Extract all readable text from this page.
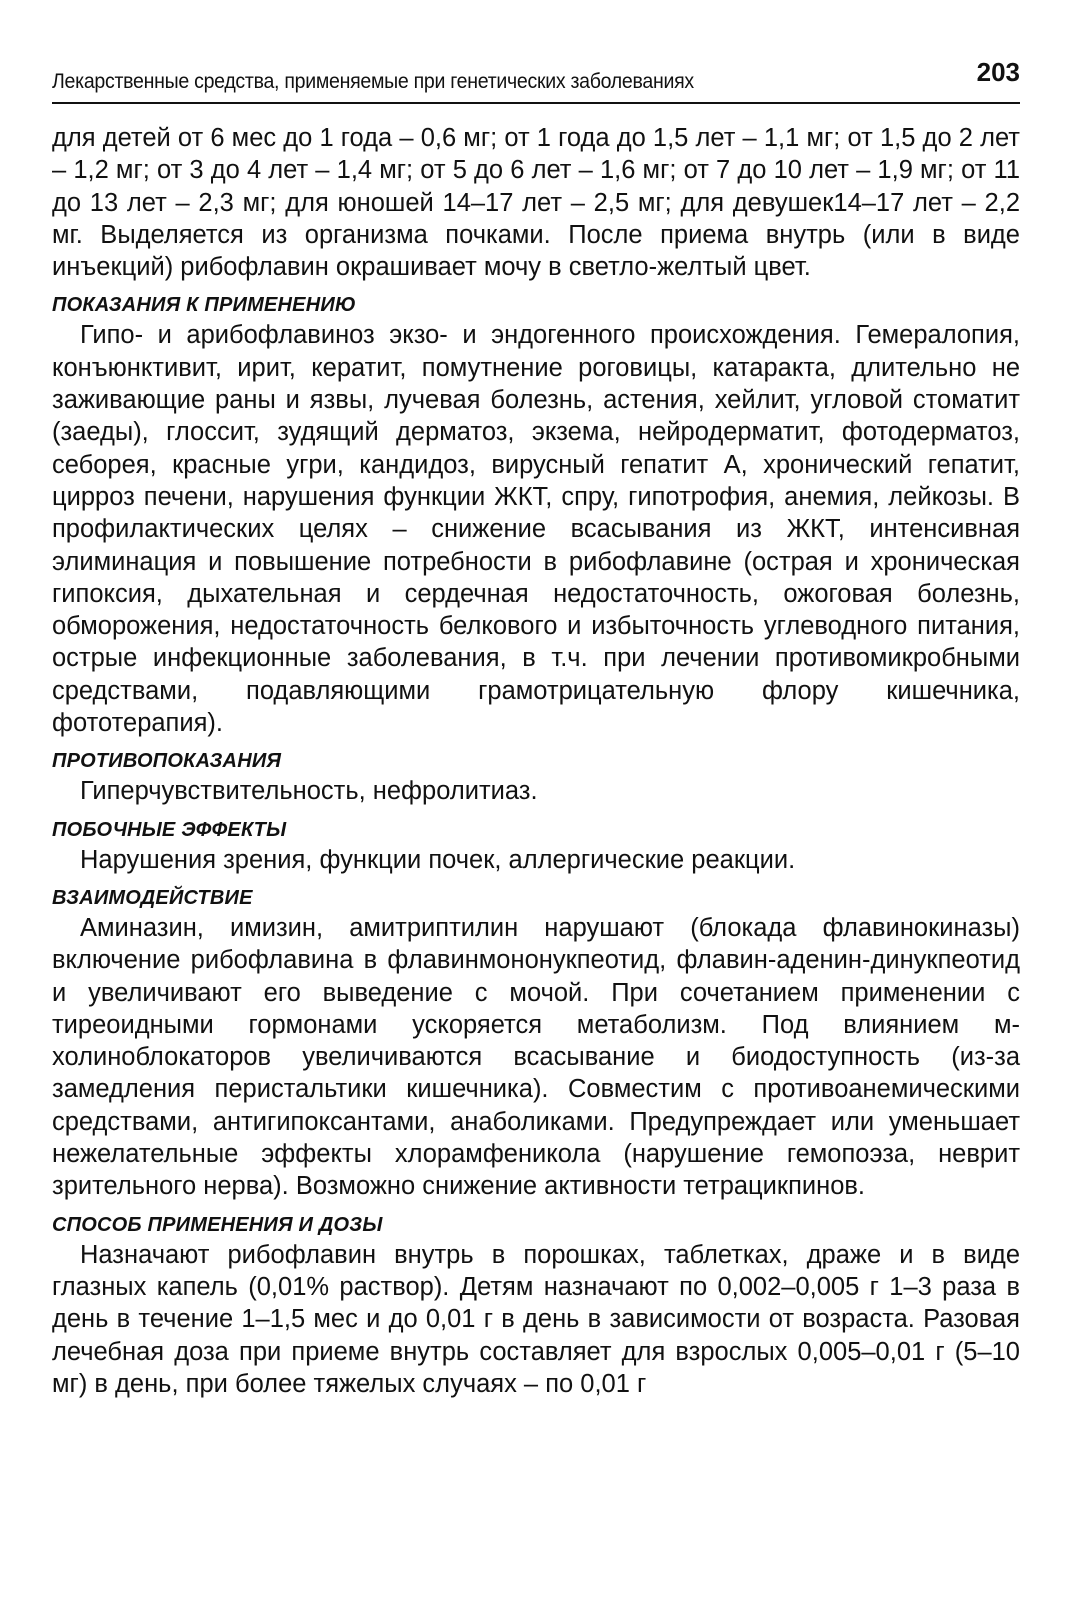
Лекарственные средства, применяемые при генетических заболеваниях	203

для детей от 6 мес до 1 года – 0,6 мг; от 1 года до 1,5 лет – 1,1 мг; от 1,5 до 2 лет – 1,2 мг; от 3 до 4 лет – 1,4 мг; от 5 до 6 лет – 1,6 мг; от 7 до 10 лет – 1,9 мг; от 11 до 13 лет – 2,3 мг; для юношей 14–17 лет – 2,5 мг; для девушек14–17 лет – 2,2 мг. Выделяется из организма почками. После приема внутрь (или в виде инъекций) рибофлавин окрашивает мочу в светло-желтый цвет.

ПОКАЗАНИЯ К ПРИМЕНЕНИЮ

Гипо- и арибофлавиноз экзо- и эндогенного происхождения. Гемералопия, конъюнктивит, ирит, кератит, помутнение роговицы, катаракта, длительно не заживающие раны и язвы, лучевая болезнь, астения, хейлит, угловой стоматит (заеды), глоссит, зудящий дерматоз, экзема, нейродерматит, фотодерматоз, себорея, красные угри, кандидоз, вирусный гепатит А, хронический гепатит, цирроз печени, нарушения функции ЖКТ, спру, гипотрофия, анемия, лейкозы. В профилактических целях – снижение всасывания из ЖКТ, интенсивная элиминация и повышение потребности в рибофлавине (острая и хроническая гипоксия, дыхательная и сердечная недостаточность, ожоговая болезнь, обморожения, недостаточность белкового и избыточность углеводного питания, острые инфекционные заболевания, в т.ч. при лечении противомикробными средствами, подавляющими грамотрицательную флору кишечника, фототерапия).

ПРОТИВОПОКАЗАНИЯ

Гиперчувствительность, нефролитиаз.

ПОБОЧНЫЕ ЭФФЕКТЫ

Нарушения зрения, функции почек, аллергические реакции.

ВЗАИМОДЕЙСТВИЕ

Аминазин, имизин, амитриптилин нарушают (блокада флавинокиназы) включение рибофлавина в флавинмононукпеотид, флавин-аденин-динукпеотид и увеличивают его выведение с мочой. При сочетанием применении с тиреоидными гормонами ускоряется метаболизм. Под влиянием м-холиноблокаторов увеличиваются всасывание и биодоступность (из-за замедления перистальтики кишечника). Совместим с противоанемическими средствами, антигипоксантами, анаболиками. Предупреждает или уменьшает нежелательные эффекты хлорамфеникола (нарушение гемопоэза, неврит зрительного нерва). Возможно снижение активности тетрацикпинов.

СПОСОБ ПРИМЕНЕНИЯ И ДОЗЫ

Назначают рибофлавин внутрь в порошках, таблетках, драже и в виде глазных капель (0,01% раствор). Детям назначают по 0,002–0,005 г 1–3 раза в день в течение 1–1,5 мес и до 0,01 г в день в зависимости от возраста. Разовая лечебная доза при приеме внутрь составляет для взрослых 0,005–0,01 г (5–10 мг) в день, при более тяжелых случаях – по 0,01 г
